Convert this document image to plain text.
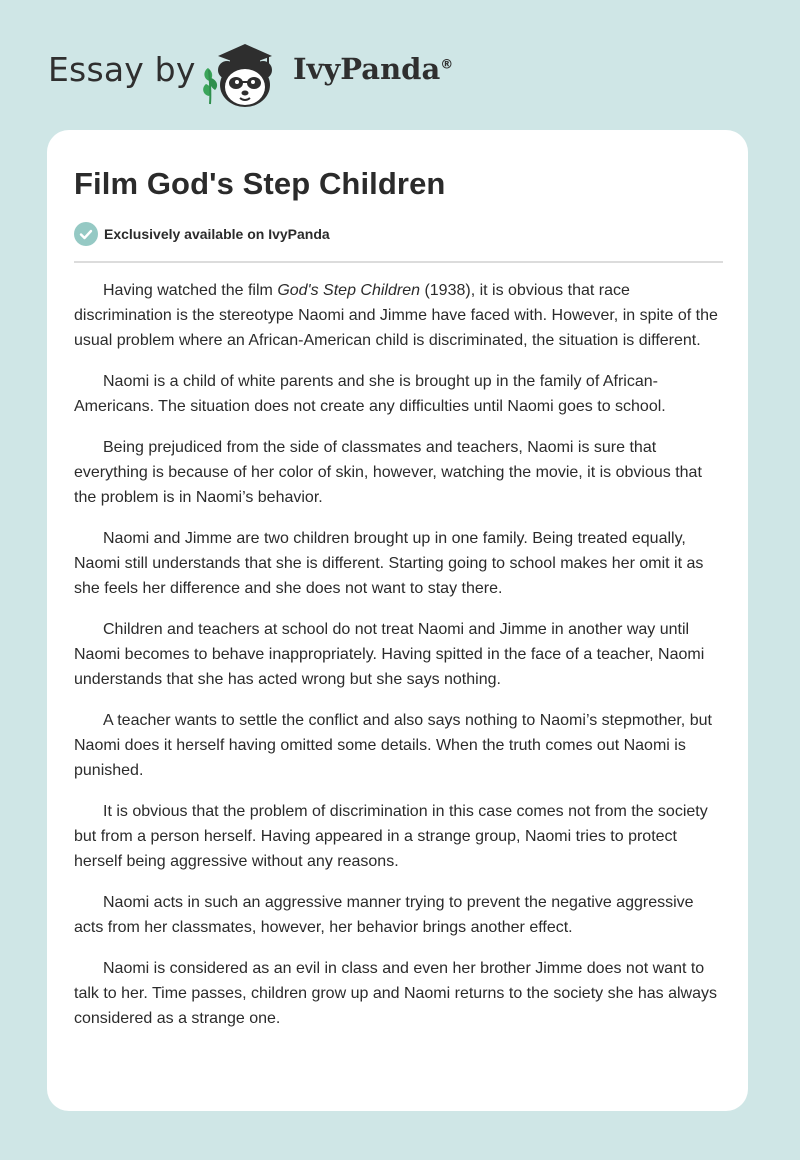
Essay by	IvyPanda®
Film God's Step Children
Exclusively available on IvyPanda

Having watched the film God's Step Children (1938), it is obvious that race discrimination is the stereotype Naomi and Jimme have faced with. However, in spite of the usual problem where an African-American child is discriminated, the situation is different.

Naomi is a child of white parents and she is brought up in the family of African-Americans. The situation does not create any difficulties until Naomi goes to school.

Being prejudiced from the side of classmates and teachers, Naomi is sure that everything is because of her color of skin, however, watching the movie, it is obvious that the problem is in Naomi’s behavior.

Naomi and Jimme are two children brought up in one family. Being treated equally, Naomi still understands that she is different. Starting going to school makes her omit it as she feels her difference and she does not want to stay there.

Children and teachers at school do not treat Naomi and Jimme in another way until Naomi becomes to behave inappropriately. Having spitted in the face of a teacher, Naomi understands that she has acted wrong but she says nothing.

A teacher wants to settle the conflict and also says nothing to Naomi’s stepmother, but Naomi does it herself having omitted some details. When the truth comes out Naomi is punished.

It is obvious that the problem of discrimination in this case comes not from the society but from a person herself. Having appeared in a strange group, Naomi tries to protect herself being aggressive without any reasons.

Naomi acts in such an aggressive manner trying to prevent the negative aggressive acts from her classmates, however, her behavior brings another effect.

Naomi is considered as an evil in class and even her brother Jimme does not want to talk to her. Time passes, children grow up and Naomi returns to the society she has always considered as a strange one.
